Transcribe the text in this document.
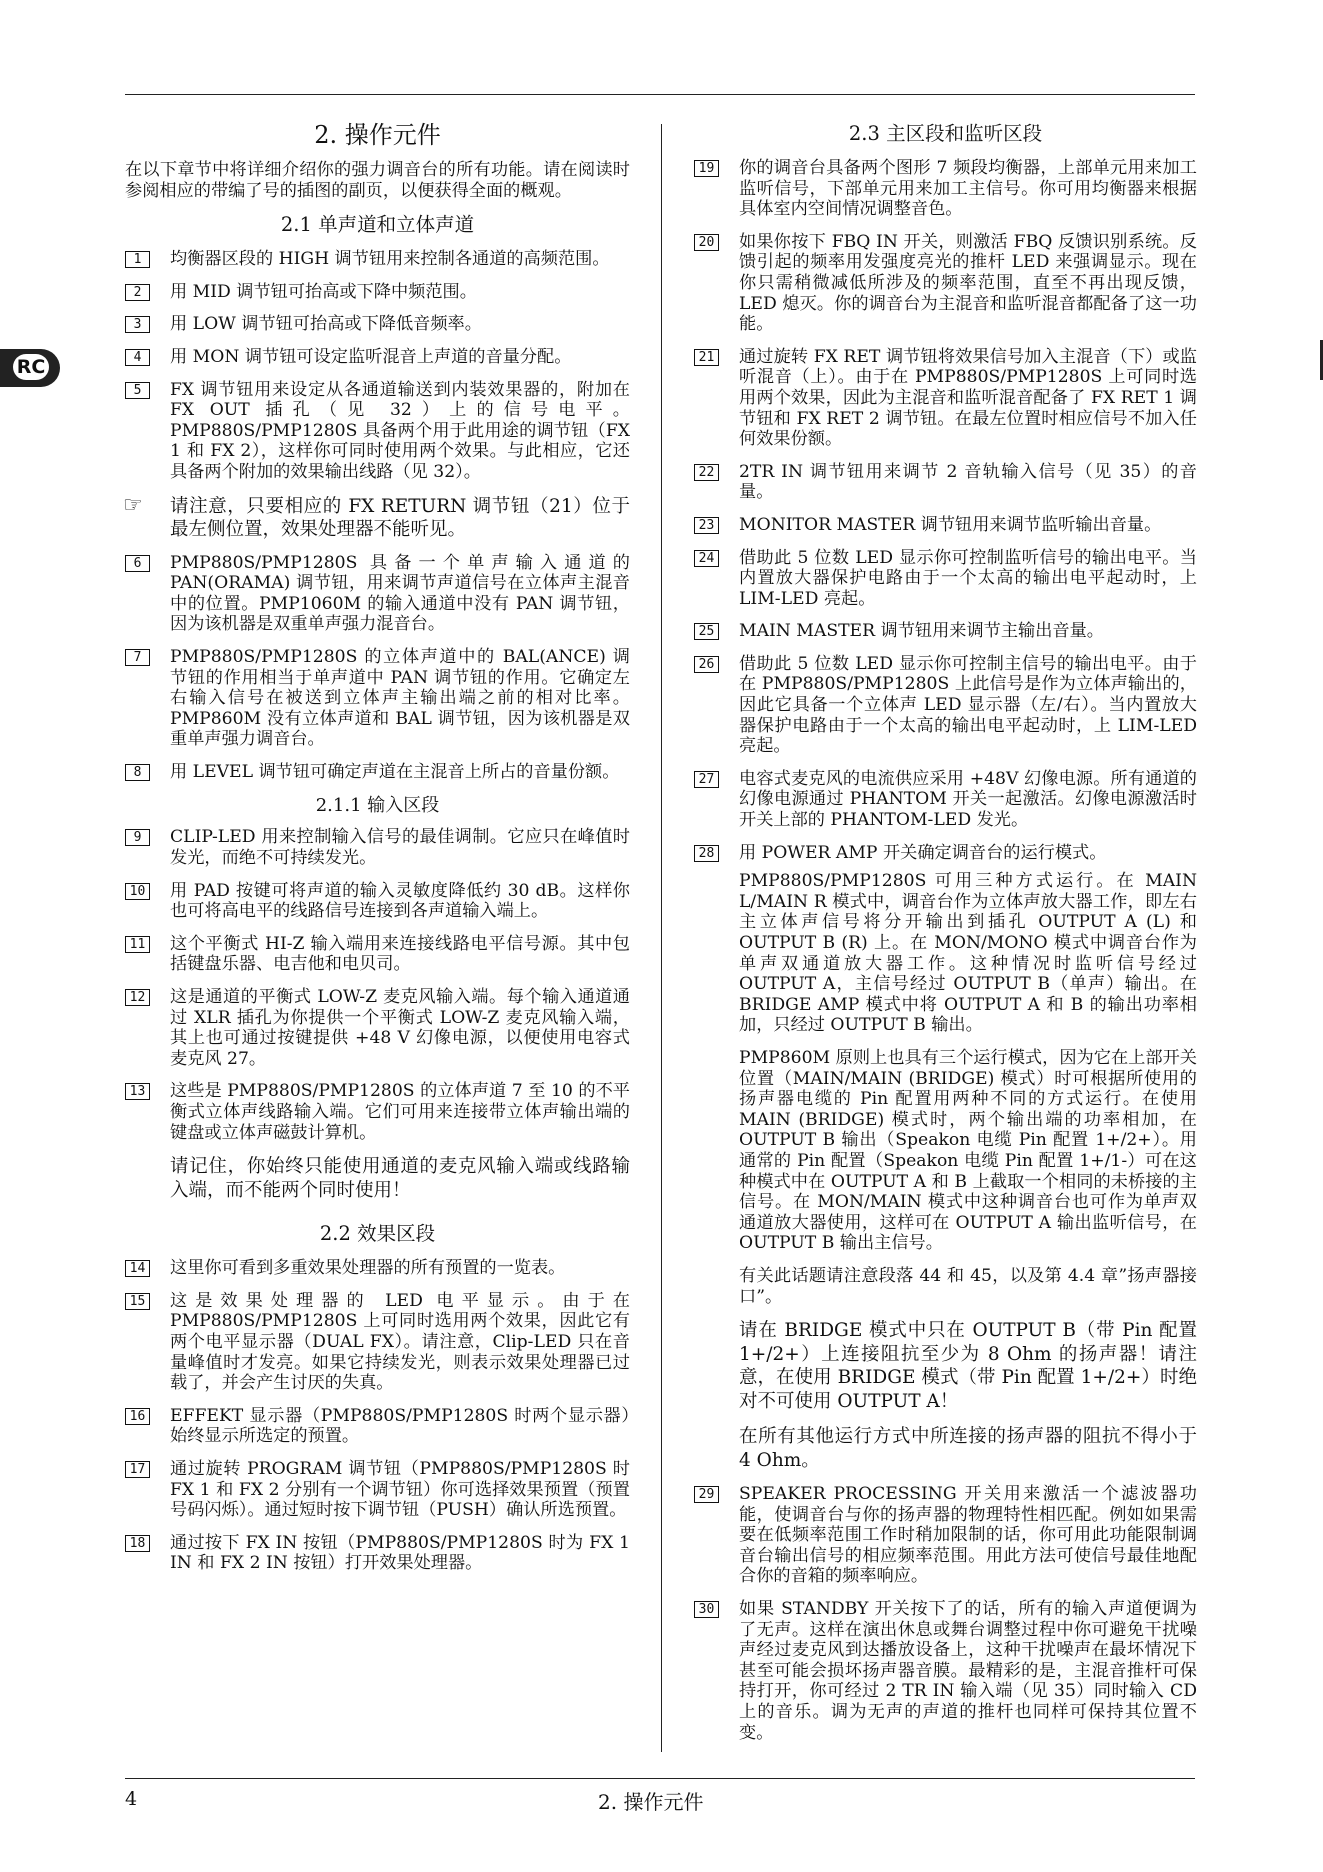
RC
2. 操作元件
在以下章节中将详细介绍你的强力调音台的所有功能。请在阅读时参阅相应的带编了号的插图的副页，以便获得全面的概观。
2.1 单声道和立体声道
1	均衡器区段的 HIGH 调节钮用来控制各通道的高频范围。
2	用 MID 调节钮可抬高或下降中频范围。
3	用 LOW 调节钮可抬高或下降低音频率。
4	用 MON 调节钮可设定监听混音上声道的音量分配。
5	FX 调节钮用来设定从各通道输送到内装效果器的，附加在 FX OUT 插孔（见 32）上的信号电平。PMP880S/PMP1280S 具备两个用于此用途的调节钮（FX 1 和 FX 2），这样你可同时使用两个效果。与此相应，它还具备两个附加的效果输出线路（见 32）。
☞ 请注意，只要相应的 FX RETURN 调节钮（21）位于最左侧位置，效果处理器不能听见。
6	PMP880S/PMP1280S 具备一个单声输入通道的 PAN(ORAMA) 调节钮，用来调节声道信号在立体声主混音中的位置。PMP1060M 的输入通道中没有 PAN 调节钮，因为该机器是双重单声强力混音台。
7	PMP880S/PMP1280S 的立体声道中的 BAL(ANCE) 调节钮的作用相当于单声道中 PAN 调节钮的作用。它确定左右输入信号在被送到立体声主输出端之前的相对比率。PMP860M 没有立体声道和 BAL 调节钮，因为该机器是双重单声强力调音台。
8	用 LEVEL 调节钮可确定声道在主混音上所占的音量份额。
2.1.1 输入区段
9	CLIP-LED 用来控制输入信号的最佳调制。它应只在峰值时发光，而绝不可持续发光。
10 用 PAD 按键可将声道的输入灵敏度降低约 30 dB。这样你也可将高电平的线路信号连接到各声道输入端上。
11 这个平衡式 HI-Z 输入端用来连接线路电平信号源。其中包括键盘乐器、电吉他和电贝司。
12 这是通道的平衡式 LOW-Z 麦克风输入端。每个输入通道通过 XLR 插孔为你提供一个平衡式 LOW-Z 麦克风输入端，其上也可通过按键提供 +48 V 幻像电源，以便使用电容式麦克风 27。
13 这些是 PMP880S/PMP1280S 的立体声道 7 至 10 的不平衡式立体声线路输入端。它们可用来连接带立体声输出端的键盘或立体声磁鼓计算机。
请记住，你始终只能使用通道的麦克风输入端或线路输入端，而不能两个同时使用！
2.2 效果区段
14 这里你可看到多重效果处理器的所有预置的一览表。
15 这是效果处理器的 LED 电平显示。由于在 PMP880S/PMP1280S 上可同时选用两个效果，因此它有两个电平显示器（DUAL FX）。请注意，Clip-LED 只在音量峰值时才发亮。如果它持续发光，则表示效果处理器已过载了，并会产生讨厌的失真。
16 EFFEKT 显示器（PMP880S/PMP1280S 时两个显示器）始终显示所选定的预置。
17 通过旋转 PROGRAM 调节钮（PMP880S/PMP1280S 时 FX 1 和 FX 2 分别有一个调节钮）你可选择效果预置（预置号码闪烁）。通过短时按下调节钮（PUSH）确认所选预置。
18 通过按下 FX IN 按钮（PMP880S/PMP1280S 时为 FX 1 IN 和 FX 2 IN 按钮）打开效果处理器。
2.3 主区段和监听区段
19 你的调音台具备两个图形 7 频段均衡器，上部单元用来加工监听信号，下部单元用来加工主信号。你可用均衡器来根据具体室内空间情况调整音色。
20 如果你按下 FBQ IN 开关，则激活 FBQ 反馈识别系统。反馈引起的频率用发强度亮光的推杆 LED 来强调显示。现在你只需稍微减低所涉及的频率范围，直至不再出现反馈，LED 熄灭。你的调音台为主混音和监听混音都配备了这一功能。
21 通过旋转 FX RET 调节钮将效果信号加入主混音（下）或监听混音（上）。由于在 PMP880S/PMP1280S 上可同时选用两个效果，因此为主混音和监听混音配备了 FX RET 1 调节钮和 FX RET 2 调节钮。在最左位置时相应信号不加入任何效果份额。
22 2TR IN 调节钮用来调节 2 音轨输入信号（见 35）的音量。
23 MONITOR MASTER 调节钮用来调节监听输出音量。
24 借助此 5 位数 LED 显示你可控制监听信号的输出电平。当内置放大器保护电路由于一个太高的输出电平起动时，上 LIM-LED 亮起。
25 MAIN MASTER 调节钮用来调节主输出音量。
26 借助此 5 位数 LED 显示你可控制主信号的输出电平。由于在 PMP880S/PMP1280S 上此信号是作为立体声输出的，因此它具备一个立体声 LED 显示器（左/右）。当内置放大器保护电路由于一个太高的输出电平起动时，上 LIM-LED 亮起。
27 电容式麦克风的电流供应采用 +48V 幻像电源。所有通道的幻像电源通过 PHANTOM 开关一起激活。幻像电源激活时开关上部的 PHANTOM-LED 发光。
28 用 POWER AMP 开关确定调音台的运行模式。
PMP880S/PMP1280S 可用三种方式运行。在 MAIN L/MAIN R 模式中，调音台作为立体声放大器工作，即左右主立体声信号将分开输出到插孔 OUTPUT A (L) 和 OUTPUT B (R) 上。在 MON/MONO 模式中调音台作为单声双通道放大器工作。这种情况时监听信号经过 OUTPUT A，主信号经过 OUTPUT B（单声）输出。在 BRIDGE AMP 模式中将 OUTPUT A 和 B 的输出功率相加，只经过 OUTPUT B 输出。
PMP860M 原则上也具有三个运行模式，因为它在上部开关位置（MAIN/MAIN (BRIDGE) 模式）时可根据所使用的扬声器电缆的 Pin 配置用两种不同的方式运行。在使用 MAIN (BRIDGE) 模式时，两个输出端的功率相加，在 OUTPUT B 输出（Speakon 电缆 Pin 配置 1+/2+）。用通常的 Pin 配置（Speakon 电缆 Pin 配置 1+/1-）可在这种模式中在 OUTPUT A 和 B 上截取一个相同的未桥接的主信号。在 MON/MAIN 模式中这种调音台也可作为单声双通道放大器使用，这样可在 OUTPUT A 输出监听信号，在 OUTPUT B 输出主信号。
有关此话题请注意段落 44 和 45，以及第 4.4 章”扬声器接口”。
请在 BRIDGE 模式中只在 OUTPUT B（带 Pin 配置 1+/2+）上连接阻抗至少为 8 Ohm 的扬声器！请注意，在使用 BRIDGE 模式（带 Pin 配置 1+/2+）时绝对不可使用 OUTPUT A！
在所有其他运行方式中所连接的扬声器的阻抗不得小于 4 Ohm。
29 SPEAKER PROCESSING 开关用来激活一个滤波器功能，使调音台与你的扬声器的物理特性相匹配。例如如果需要在低频率范围工作时稍加限制的话，你可用此功能限制调音台输出信号的相应频率范围。用此方法可使信号最佳地配合你的音箱的频率响应。
30 如果 STANDBY 开关按下了的话，所有的输入声道便调为了无声。这样在演出休息或舞台调整过程中你可避免干扰噪声经过麦克风到达播放设备上，这种干扰噪声在最坏情况下甚至可能会损坏扬声器音膜。最精彩的是，主混音推杆可保持打开，你可经过 2 TR IN 输入端（见 35）同时输入 CD 上的音乐。调为无声的声道的推杆也同样可保持其位置不变。
4	2. 操作元件
